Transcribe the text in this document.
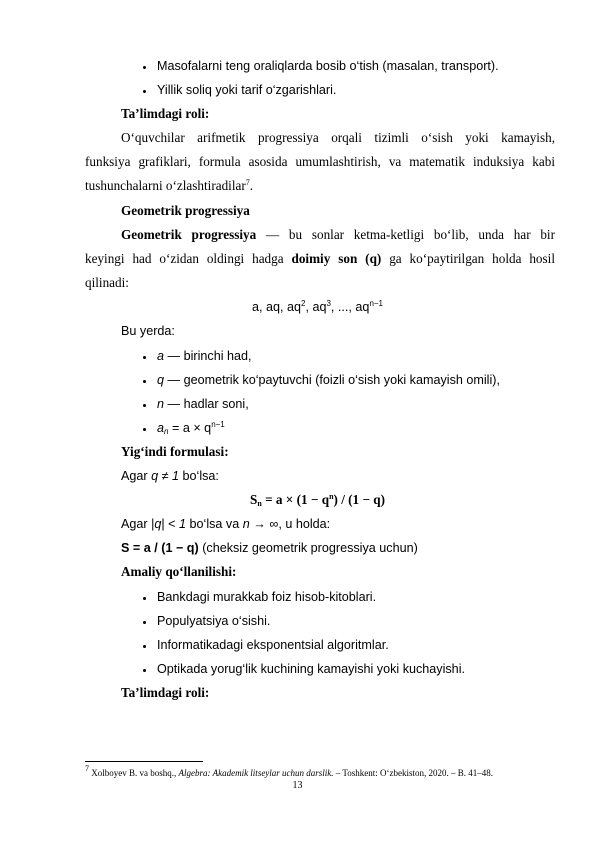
Masofalarni teng oraliqlarda bosib o‘tish (masalan, transport).
Yillik soliq yoki tarif o‘zgarishlari.
Ta’limdagi roli:
O‘quvchilar arifmetik progressiya orqali tizimli o‘sish yoki kamayish,
funksiya grafiklari, formula asosida umumlashtirish, va matematik induksiya kabi
tushunchalarni o‘zlashtiradilar$^7$.
Geometrik progressiya
Geometrik progressiya — bu sonlar ketma-ketligi bo‘lib, unda har bir
keyingi had o‘zidan oldingi hadga doimiy son (q) ga ko‘paytirilgan holda hosil
qilinadi:
a, aq, $aq^2$, $aq^3$, ..., $aq^{n-1}$
Bu yerda:
a — birinchi had,
q — geometrik ko‘paytuvchi (foizli o‘sish yoki kamayish omili),
n — hadlar soni,
$a_n = a \times q^{n-1}$
Yig‘indi formulasi:
Agar q ≠ 1 bo‘lsa:
$S_n = a \times (1 - q^n) / (1 - q)$
Agar |q| < 1 bo‘lsa va n → ∞, u holda:
S = a / (1 − q) (cheksiz geometrik progressiya uchun)
Amaliy qo‘llanilishi:
Bankdagi murakkab foiz hisob-kitoblari.
Populyatsiya o‘sishi.
Informatikadagi eksponentsial algoritmlar.
Optikada yorug‘lik kuchining kamayishi yoki kuchayishi.
Ta’limdagi roli:
$^7$ Xolboyev B. va boshq., Algebra: Akademik litseylar uchun darslik. – Toshkent: O‘zbekiston, 2020. – B. 41–48.
13
